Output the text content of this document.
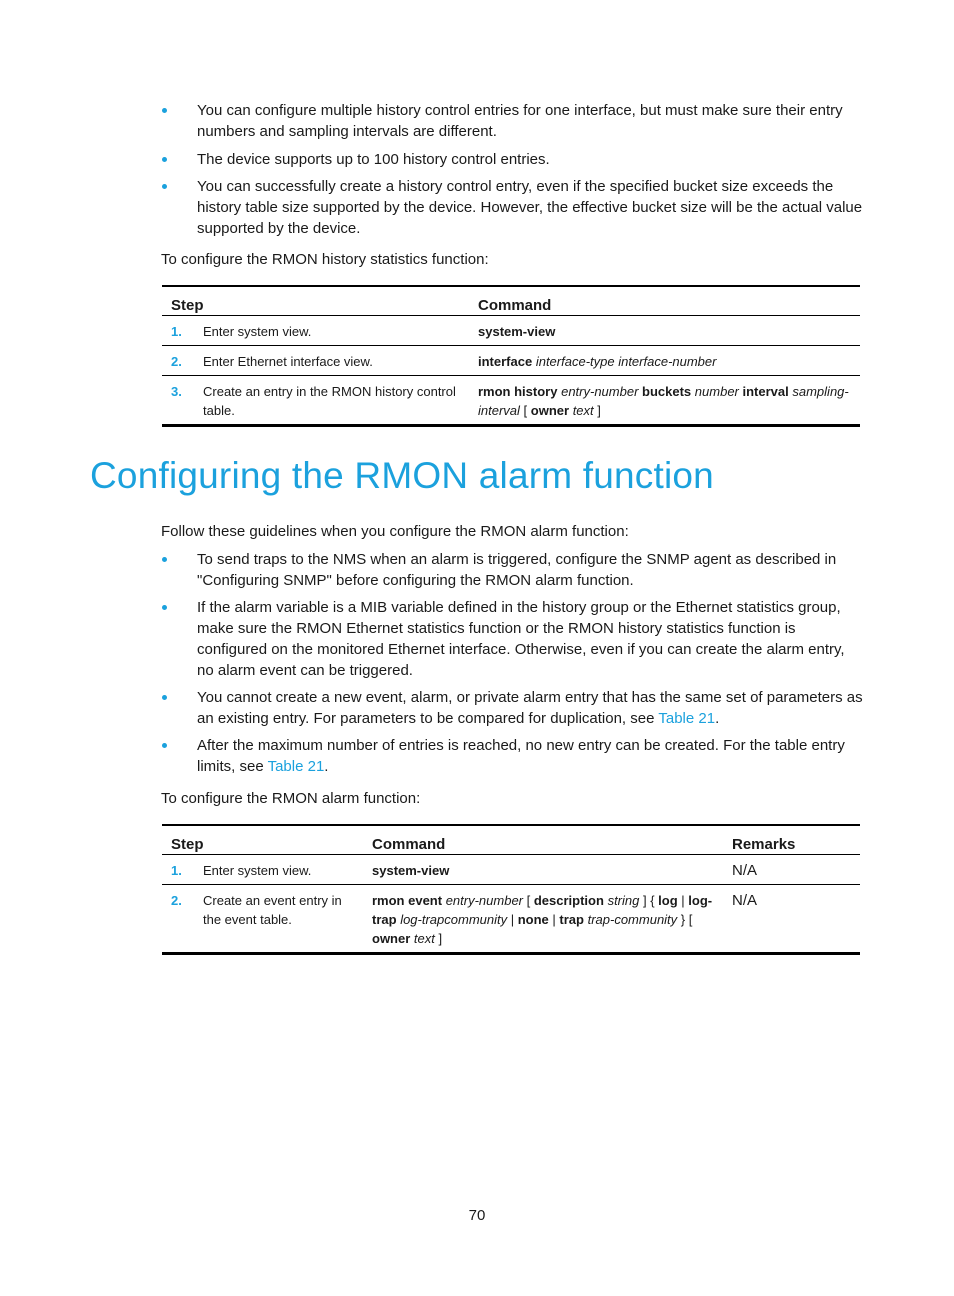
You can configure multiple history control entries for one interface, but must make sure their entry numbers and sampling intervals are different.
The device supports up to 100 history control entries.
You can successfully create a history control entry, even if the specified bucket size exceeds the history table size supported by the device. However, the effective bucket size will be the actual value supported by the device.
To configure the RMON history statistics function:
Step	Command

1. Enter system view.	system-view

2. Enter Ethernet interface view.	interface interface-type interface-number

3. Create an entry in the RMON history control table.	rmon history entry-number buckets number interval sampling-interval [ owner text ]
Configuring the RMON alarm function
Follow these guidelines when you configure the RMON alarm function:
To send traps to the NMS when an alarm is triggered, configure the SNMP agent as described in "Configuring SNMP" before configuring the RMON alarm function.
If the alarm variable is a MIB variable defined in the history group or the Ethernet statistics group, make sure the RMON Ethernet statistics function or the RMON history statistics function is configured on the monitored Ethernet interface. Otherwise, even if you can create the alarm entry, no alarm event can be triggered.
You cannot create a new event, alarm, or private alarm entry that has the same set of parameters as an existing entry. For parameters to be compared for duplication, see Table 21.
After the maximum number of entries is reached, no new entry can be created. For the table entry limits, see Table 21.
To configure the RMON alarm function:
Step	Command	Remarks

1. Enter system view.	system-view	N/A

2. Create an event entry in the event table.	rmon event entry-number [ description string ] { log | log-trap log-trapcommunity | none | trap trap-community } [ owner text ]	N/A
70
